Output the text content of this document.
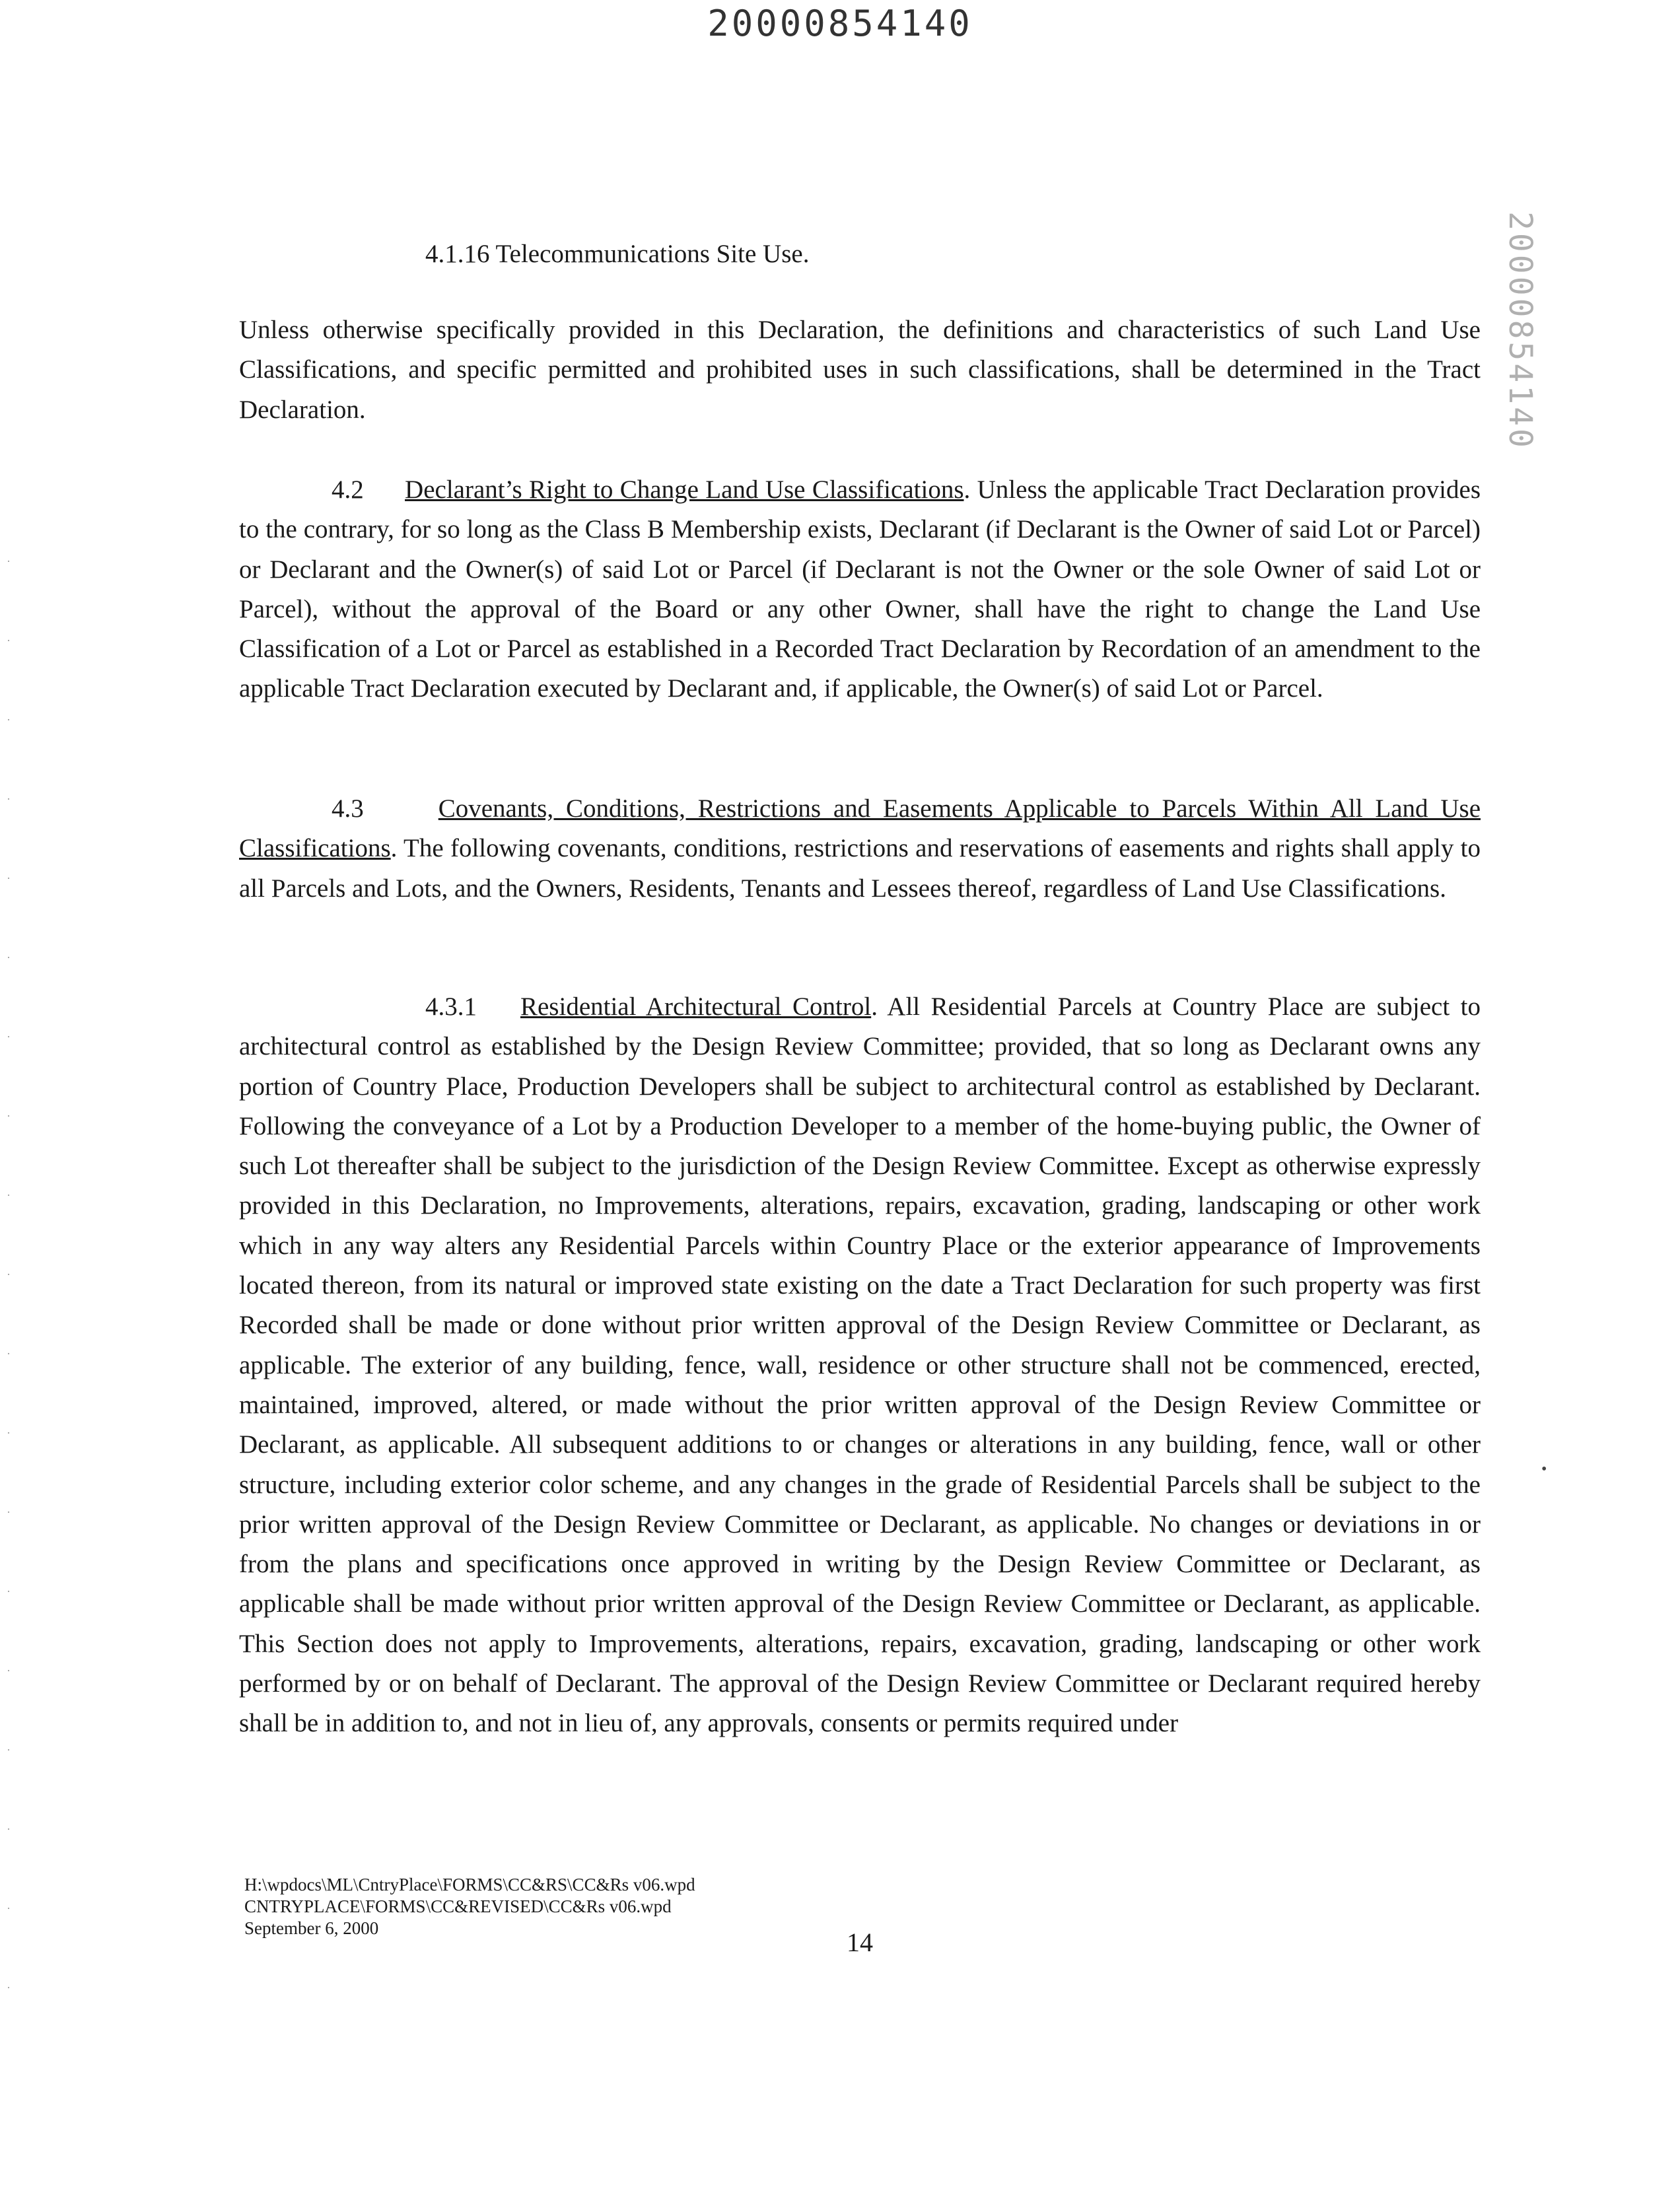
20000854140
20000854140

4.1.16 Telecommunications Site Use.

Unless otherwise specifically provided in this Declaration, the definitions and characteristics of such Land Use Classifications, and specific permitted and prohibited uses in such classifications, shall be determined in the Tract Declaration.

4.2 Declarant’s Right to Change Land Use Classifications. Unless the applicable Tract Declaration provides to the contrary, for so long as the Class B Membership exists, Declarant (if Declarant is the Owner of said Lot or Parcel) or Declarant and the Owner(s) of said Lot or Parcel (if Declarant is not the Owner or the sole Owner of said Lot or Parcel), without the approval of the Board or any other Owner, shall have the right to change the Land Use Classification of a Lot or Parcel as established in a Recorded Tract Declaration by Recordation of an amendment to the applicable Tract Declaration executed by Declarant and, if applicable, the Owner(s) of said Lot or Parcel.

4.3	Covenants, Conditions, Restrictions and Easements Applicable to Parcels Within All Land Use Classifications. The following covenants, conditions, restrictions and reservations of easements and rights shall apply to all Parcels and Lots, and the Owners, Residents, Tenants and Lessees thereof, regardless of Land Use Classifications.

4.3.1 Residential Architectural Control. All Residential Parcels at Country Place are subject to architectural control as established by the Design Review Committee; provided, that so long as Declarant owns any portion of Country Place, Production Developers shall be subject to architectural control as established by Declarant. Following the conveyance of a Lot by a Production Developer to a member of the home-buying public, the Owner of such Lot thereafter shall be subject to the jurisdiction of the Design Review Committee. Except as otherwise expressly provided in this Declaration, no Improvements, alterations, repairs, excavation, grading, landscaping or other work which in any way alters any Residential Parcels within Country Place or the exterior appearance of Improvements located thereon, from its natural or improved state existing on the date a Tract Declaration for such property was first Recorded shall be made or done without prior written approval of the Design Review Committee or Declarant, as applicable. The exterior of any building, fence, wall, residence or other structure shall not be commenced, erected, maintained, improved, altered, or made without the prior written approval of the Design Review Committee or Declarant, as applicable. All subsequent additions to or changes or alterations in any building, fence, wall or other structure, including exterior color scheme, and any changes in the grade of Residential Parcels shall be subject to the prior written approval of the Design Review Committee or Declarant, as applicable. No changes or deviations in or from the plans and specifications once approved in writing by the Design Review Committee or Declarant, as applicable shall be made without prior written approval of the Design Review Committee or Declarant, as applicable. This Section does not apply to Improvements, alterations, repairs, excavation, grading, landscaping or other work performed by or on behalf of Declarant. The approval of the Design Review Committee or Declarant required hereby shall be in addition to, and not in lieu of, any approvals, consents or permits required under

H:\wpdocs\ML\CntryPlace\FORMS\CC&RS\CC&Rs v06.wpd
CNTRYPLACE\FORMS\CC&REVISED\CC&Rs v06.wpd
September 6, 2000	14
·
·
·
·
·
·
·
·
·
·
·
·
·
·
·
·
·
·
·
•
